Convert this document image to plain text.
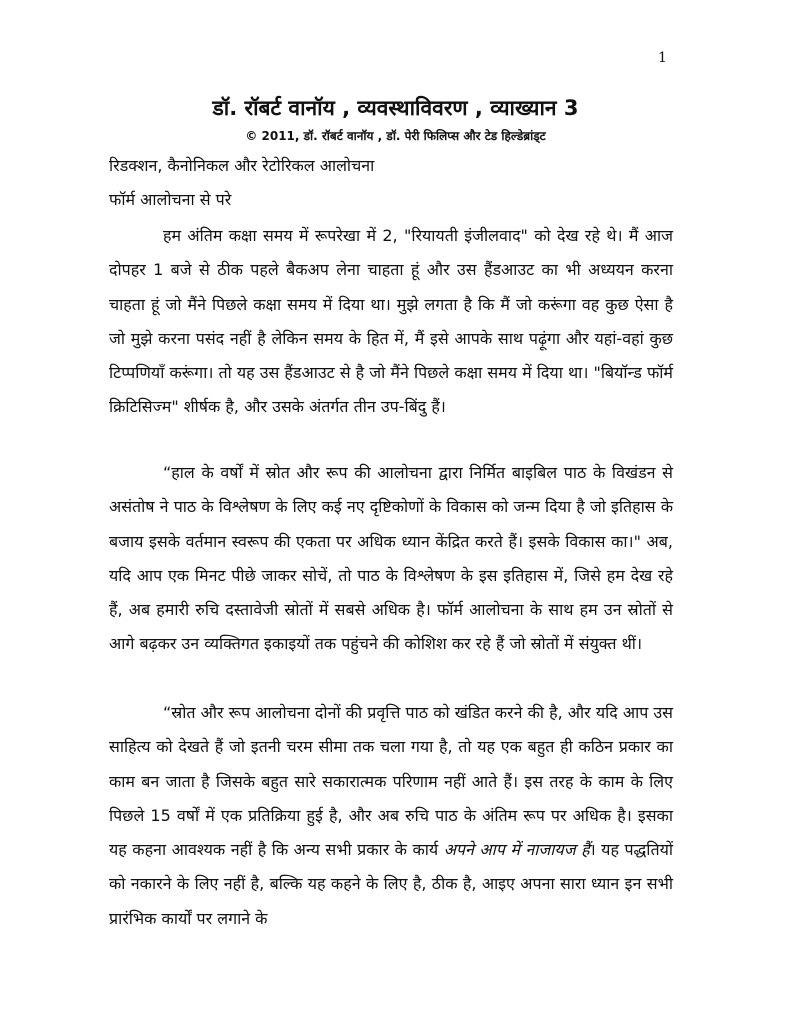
1
डॉ. रॉबर्ट वानॉय , व्यवस्थाविवरण , व्याख्यान 3
© 2011, डॉ. रॉबर्ट वानॉय , डॉ. पेरी फिलिप्स और टेड हिल्डेब्रांड्ट
रिडक्शन, कैनोनिकल और रेटोरिकल आलोचना
फॉर्म आलोचना से परे

हम अंतिम कक्षा समय में रूपरेखा में 2, "रियायती इंजीलवाद" को देख रहे थे। मैं आज दोपहर 1 बजे से ठीक पहले बैकअप लेना चाहता हूं और उस हैंडआउट का भी अध्ययन करना चाहता हूं जो मैंने पिछले कक्षा समय में दिया था। मुझे लगता है कि मैं जो करूंगा वह कुछ ऐसा है जो मुझे करना पसंद नहीं है लेकिन समय के हित में, मैं इसे आपके साथ पढ़ूंगा और यहां-वहां कुछ टिप्पणियाँ करूंगा। तो यह उस हैंडआउट से है जो मैंने पिछले कक्षा समय में दिया था। "बियॉन्ड फॉर्म क्रिटिसिज्म" शीर्षक है, और उसके अंतर्गत तीन उप-बिंदु हैं।

“हाल के वर्षों में स्रोत और रूप की आलोचना द्वारा निर्मित बाइबिल पाठ के विखंडन से असंतोष ने पाठ के विश्लेषण के लिए कई नए दृष्टिकोणों के विकास को जन्म दिया है जो इतिहास के बजाय इसके वर्तमान स्वरूप की एकता पर अधिक ध्यान केंद्रित करते हैं। इसके विकास का।" अब, यदि आप एक मिनट पीछे जाकर सोचें, तो पाठ के विश्लेषण के इस इतिहास में, जिसे हम देख रहे हैं, अब हमारी रुचि दस्तावेजी स्रोतों में सबसे अधिक है। फॉर्म आलोचना के साथ हम उन स्रोतों से आगे बढ़कर उन व्यक्तिगत इकाइयों तक पहुंचने की कोशिश कर रहे हैं जो स्रोतों में संयुक्त थीं।

“स्रोत और रूप आलोचना दोनों की प्रवृत्ति पाठ को खंडित करने की है, और यदि आप उस साहित्य को देखते हैं जो इतनी चरम सीमा तक चला गया है, तो यह एक बहुत ही कठिन प्रकार का काम बन जाता है जिसके बहुत सारे सकारात्मक परिणाम नहीं आते हैं। इस तरह के काम के लिए पिछले 15 वर्षों में एक प्रतिक्रिया हुई है, और अब रुचि पाठ के अंतिम रूप पर अधिक है। इसका यह कहना आवश्यक नहीं है कि अन्य सभी प्रकार के कार्य अपने आप में नाजायज हैं। यह पद्धतियों को नकारने के लिए नहीं है, बल्कि यह कहने के लिए है, ठीक है, आइए अपना सारा ध्यान इन सभी प्रारंभिक कार्यों पर लगाने के
